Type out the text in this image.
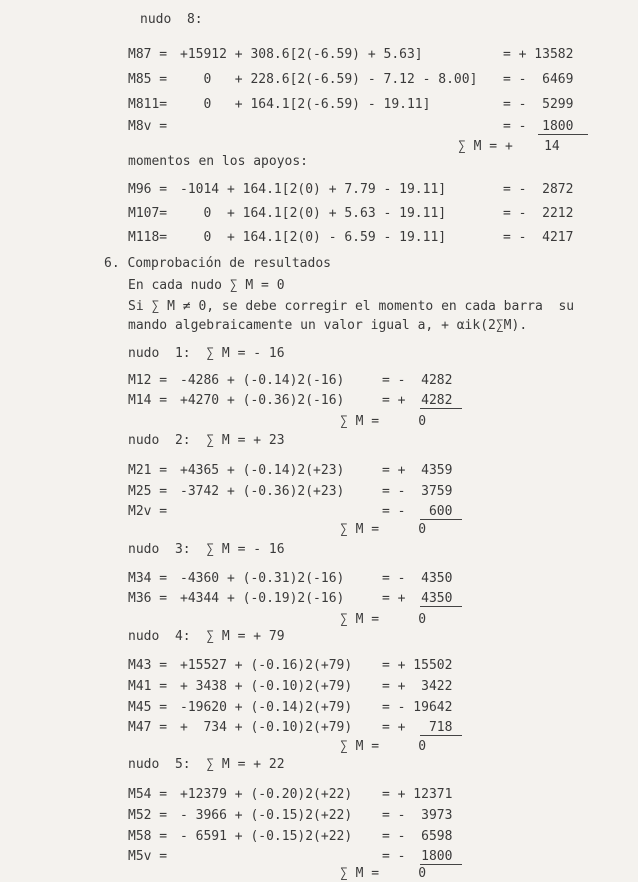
nudo  8:
M87 = +15912 + 308.6[2(-6.59) + 5.63]	= + 13582
M85 = 0   + 228.6[2(-6.59) - 7.12 - 8.00] = -  6469
M811= 0   + 164.1[2(-6.59) - 19.11]	= -  5299
M8v =	= -  1800
∑ M = +    14
momentos en los apoyos:
M96 = -1014 + 164.1[2(0) + 7.79 - 19.11]	= -  2872
M107= 0  + 164.1[2(0) + 5.63 - 19.11]	= -  2212
M118= 0  + 164.1[2(0) - 6.59 - 19.11]	= -  4217
6. Comprobación de resultados
En cada nudo ∑ M = 0
Si ∑ M ≠ 0, se debe corregir el momento en cada barra  su
mando algebraicamente un valor igual a, + αik(2∑M).
nudo  1:  ∑ M = - 16
M12 = -4286 + (-0.14)2(-16)	= -  4282
M14 = +4270 + (-0.36)2(-16)	= +  4282
∑ M =     0
nudo  2:  ∑ M = + 23
M21 = +4365 + (-0.14)2(+23)	= +  4359
M25 = -3742 + (-0.36)2(+23)	= -  3759
M2v =	= -   600
∑ M =     0
nudo  3:  ∑ M = - 16
M34 = -4360 + (-0.31)2(-16)	= -  4350
M36 = +4344 + (-0.19)2(-16)	= +  4350
∑ M =     0
nudo  4:  ∑ M = + 79
M43 = +15527 + (-0.16)2(+79) = + 15502
M41 = + 3438 + (-0.10)2(+79) = +  3422
M45 = -19620 + (-0.14)2(+79) = - 19642
M47 = +  734 + (-0.10)2(+79) = +   718
∑ M =     0
nudo  5:  ∑ M = + 22
M54 = +12379 + (-0.20)2(+22) = + 12371
M52 = - 3966 + (-0.15)2(+22) = -  3973
M58 = - 6591 + (-0.15)2(+22) = -  6598
M5v =	= -  1800
∑ M =     0
